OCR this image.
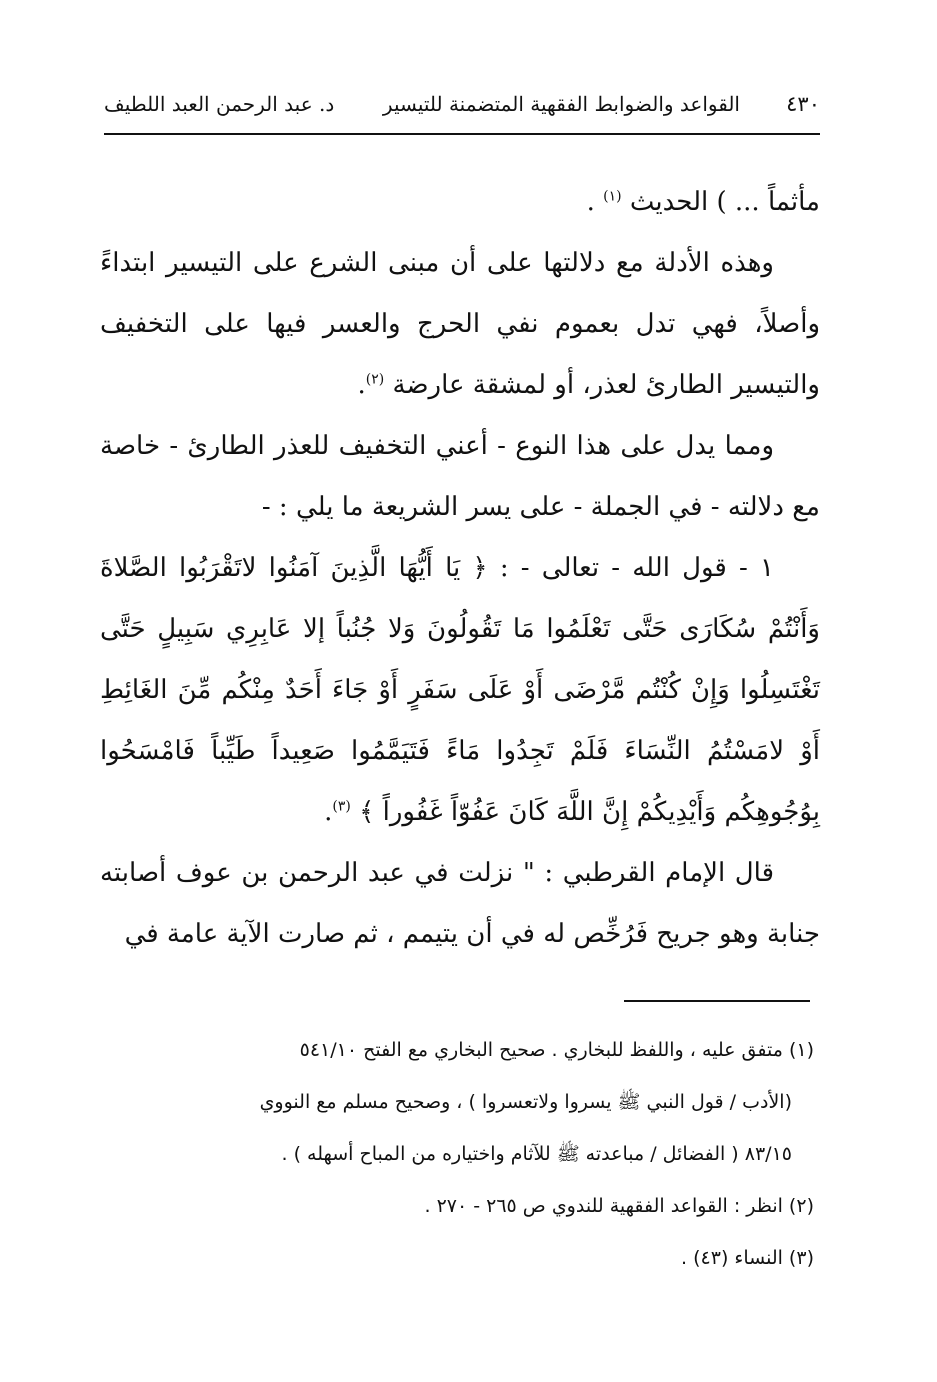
٤٣٠
القواعد والضوابط الفقهية المتضمنة للتيسير
د. عبد الرحمن العبد اللطيف

مأثماً ... ) الحديث $^{(١)}$ .

وهذه الأدلة مع دلالتها على أن مبنى الشرع على التيسير ابتداءً وأصلاً، فهي تدل بعموم نفي الحرج والعسر فيها على التخفيف والتيسير الطارئ لعذر، أو لمشقة عارضة $^{(٢)}$.

ومما يدل على هذا النوع - أعني التخفيف للعذر الطارئ - خاصة مع دلالته - في الجملة - على يسر الشريعة ما يلي : -

١ - قول الله - تعالى - : ﴿ يَا أَيُّهَا الَّذِينَ آمَنُوا لاتَقْرَبُوا الصَّلاةَ وَأَنْتُمْ سُكَارَى حَتَّى تَعْلَمُوا مَا تَقُولُونَ وَلا جُنُباً إلا عَابِرِي سَبِيلٍ حَتَّى تَغْتَسِلُوا وَإِنْ كُنْتُم مَّرْضَى أَوْ عَلَى سَفَرٍ أَوْ جَاءَ أَحَدٌ مِنْكُم مِّنَ الغَائِطِ أَوْ لامَسْتُمُ النِّسَاءَ فَلَمْ تَجِدُوا مَاءً فَتَيَمَّمُوا صَعِيداً طَيِّباً فَامْسَحُوا بِوُجُوهِكُم وَأَيْدِيكُمْ إِنَّ اللَّهَ كَانَ عَفُوّاً غَفُوراً ﴾ $^{(٣)}$.

قال الإمام القرطبي : " نزلت في عبد الرحمن بن عوف أصابته جنابة وهو جريح فَرُخِّص له في أن يتيمم ، ثم صارت الآية عامة في

(١) متفق عليه ، واللفظ للبخاري . صحيح البخاري مع الفتح ٥٤١/١٠

(الأدب / قول النبي ﷺ يسروا ولاتعسروا ) ، وصحيح مسلم مع النووي

٨٣/١٥ ( الفضائل / مباعدته ﷺ للآثام واختياره من المباح أسهله ) .

(٢) انظر : القواعد الفقهية للندوي ص ٢٦٥ - ٢٧٠ .

(٣) النساء (٤٣) .
